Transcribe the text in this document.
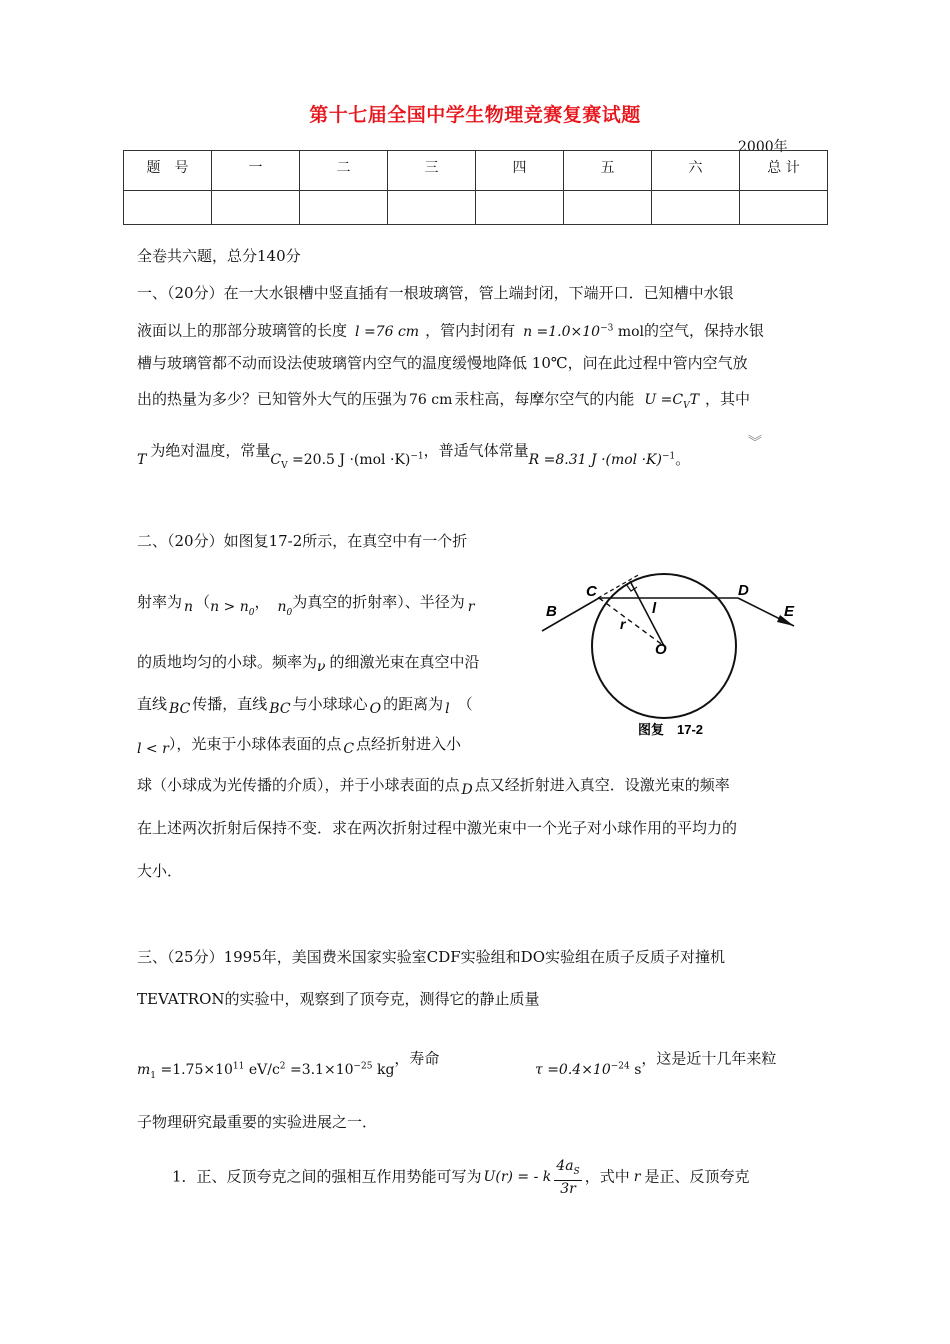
第十七届全国中学生物理竞赛复赛试题
2000年
题　号	一	二	三	四	五	六	总 计

全卷共六题，总分140分
一、（20分）在一大水银槽中竖直插有一根玻璃管，管上端封闭，下端开口．已知槽中水银
液面以上的那部分玻璃管的长度 l =76 cm ，管内封闭有 $n =1.0\times 10^{-3}$ mol的空气，保持水银
槽与玻璃管都不动而设法使玻璃管内空气的温度缓慢地降低 10℃，问在此过程中管内空气放
出的热量为多少？已知管外大气的压强为 76 cm 汞柱高，每摩尔空气的内能 $U =C_VT$ ，其中
T 为绝对温度，常量$C_V =20.5$ J ·(mol ·K)$^{-1}$，普适气体常量R =8.31 J ·(mol ·K)$^{-1}$。
︾
二、（20分）如图复17-2所示，在真空中有一个折
射率为 n （$n > n_0$， $n_0$为真空的折射率）、半径为 r
的质地均匀的小球。频率为ν 的细激光束在真空中沿
直线 BC 传播，直线 BC 与小球球心 O 的距离为 l （
l < r），光束于小球体表面的点 C 点经折射进入小
球（小球成为光传播的介质），并于小球表面的点 D 点又经折射进入真空．设激光束的频率
在上述两次折射后保持不变．求在两次折射过程中激光束中一个光子对小球作用的平均力的
大小．
B
C	D
E
O
l
r
图复　17-2
三、（25分）1995年，美国费米国家实验室CDF实验组和DO实验组在质子反质子对撞机
TEVATRON的实验中，观察到了顶夸克，测得它的静止质量
$m_1 =1.75\times 10^{11}$ $eV/c^2 =3.1\times 10^{-25}$ kg，寿命
$\tau =0.4\times 10^{-24}$ s，这是近十几年来粒
子物理研究最重要的实验进展之一．
1．正、反顶夸克之间的强相互作用势能可写为 U(r) = - k $\frac{4a_S}{3r}$ ，式中 r 是正、反顶夸克
